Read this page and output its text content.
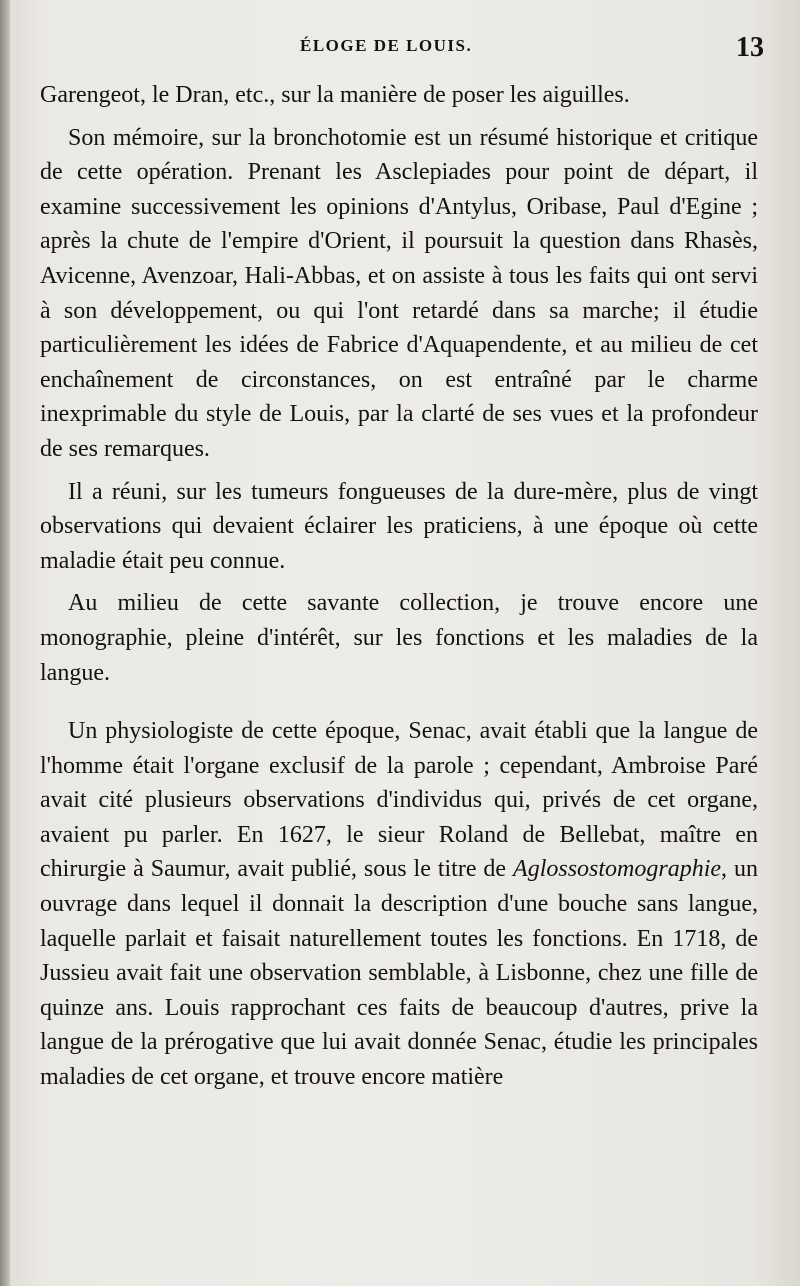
ÉLOGE DE LOUIS.	13

Garengeot, le Dran, etc., sur la manière de poser les aiguilles.

Son mémoire, sur la bronchotomie est un résumé historique et critique de cette opération. Prenant les Asclepiades pour point de départ, il examine successivement les opinions d'Antylus, Oribase, Paul d'Egine ; après la chute de l'empire d'Orient, il poursuit la question dans Rhasès, Avicenne, Avenzoar, Hali-Abbas, et on assiste à tous les faits qui ont servi à son développement, ou qui l'ont retardé dans sa marche; il étudie particulièrement les idées de Fabrice d'Aquapendente, et au milieu de cet enchaînement de circonstances, on est entraîné par le charme inexprimable du style de Louis, par la clarté de ses vues et la profondeur de ses remarques.

Il a réuni, sur les tumeurs fongueuses de la dure-mère, plus de vingt observations qui devaient éclairer les praticiens, à une époque où cette maladie était peu connue.

Au milieu de cette savante collection, je trouve encore une monographie, pleine d'intérêt, sur les fonctions et les maladies de la langue.

Un physiologiste de cette époque, Senac, avait établi que la langue de l'homme était l'organe exclusif de la parole ; cependant, Ambroise Paré avait cité plusieurs observations d'individus qui, privés de cet organe, avaient pu parler. En 1627, le sieur Roland de Bellebat, maître en chirurgie à Saumur, avait publié, sous le titre de Aglossostomographie, un ouvrage dans lequel il donnait la description d'une bouche sans langue, laquelle parlait et faisait naturellement toutes les fonctions. En 1718, de Jussieu avait fait une observation semblable, à Lisbonne, chez une fille de quinze ans. Louis rapprochant ces faits de beaucoup d'autres, prive la langue de la prérogative que lui avait donnée Senac, étudie les principales maladies de cet organe, et trouve encore matière
